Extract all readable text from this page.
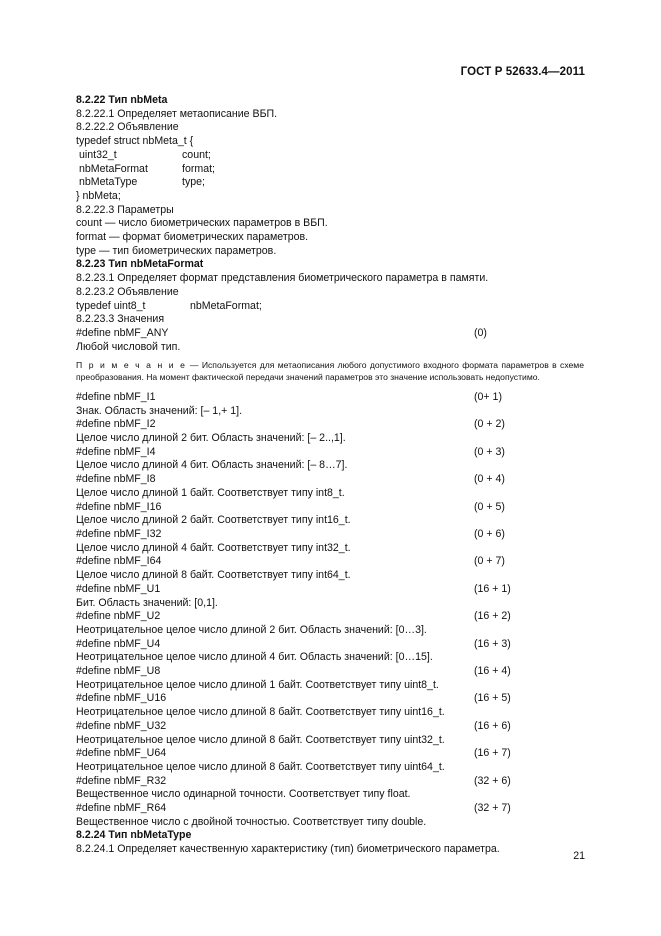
ГОСТ Р 52633.4—2011
8.2.22 Тип nbMeta
8.2.22.1 Определяет метаописание ВБП.
8.2.22.2 Объявление
typedef struct nbMeta_t {
uint32_t	count;
nbMetaFormat	format;
nbMetaType	type;
} nbMeta;
8.2.22.3 Параметры
count — число биометрических параметров в ВБП.
format — формат биометрических параметров.
type — тип биометрических параметров.
8.2.23 Тип nbMetaFormat
8.2.23.1 Определяет формат представления биометрического параметра в памяти.
8.2.23.2 Объявление
typedef uint8_t	nbMetaFormat;
8.2.23.3 Значения
#define nbMF_ANY	(0)
Любой числовой тип.
П р и м е ч а н и е — Используется для метаописания любого допустимого входного формата параметров в схеме преобразования. На момент фактической передачи значений параметров это значение использовать недопустимо.
#define nbMF_I1	(0+ 1)
Знак. Область значений: [– 1,+ 1].
#define nbMF_I2	(0 + 2)
Целое число длиной 2 бит. Область значений: [– 2..,1].
#define nbMF_I4	(0 + 3)
Целое число длиной 4 бит. Область значений: [– 8…7].
#define nbMF_I8	(0 + 4)
Целое число длиной 1 байт. Соответствует типу int8_t.
#define nbMF_I16	(0 + 5)
Целое число длиной 2 байт. Соответствует типу int16_t.
#define nbMF_I32	(0 + 6)
Целое число длиной 4 байт. Соответствует типу int32_t.
#define nbMF_I64	(0 + 7)
Целое число длиной 8 байт. Соответствует типу int64_t.
#define nbMF_U1	(16 + 1)
Бит. Область значений: [0,1].
#define nbMF_U2	(16 + 2)
Неотрицательное целое число длиной 2 бит. Область значений: [0…3].
#define nbMF_U4	(16 + 3)
Неотрицательное целое число длиной 4 бит. Область значений: [0…15].
#define nbMF_U8	(16 + 4)
Неотрицательное целое число длиной 1 байт. Соответствует типу uint8_t.
#define nbMF_U16	(16 + 5)
Неотрицательное целое число длиной 8 байт. Соответствует типу uint16_t.
#define nbMF_U32	(16 + 6)
Неотрицательное целое число длиной 8 байт. Соответствует типу uint32_t.
#define nbMF_U64	(16 + 7)
Неотрицательное целое число длиной 8 байт. Соответствует типу uint64_t.
#define nbMF_R32	(32 + 6)
Вещественное число одинарной точности. Соответствует типу float.
#define nbMF_R64	(32 + 7)
Вещественное число с двойной точностью. Соответствует типу double.
8.2.24 Тип nbMetaType
8.2.24.1 Определяет качественную характеристику (тип) биометрического параметра.
21
